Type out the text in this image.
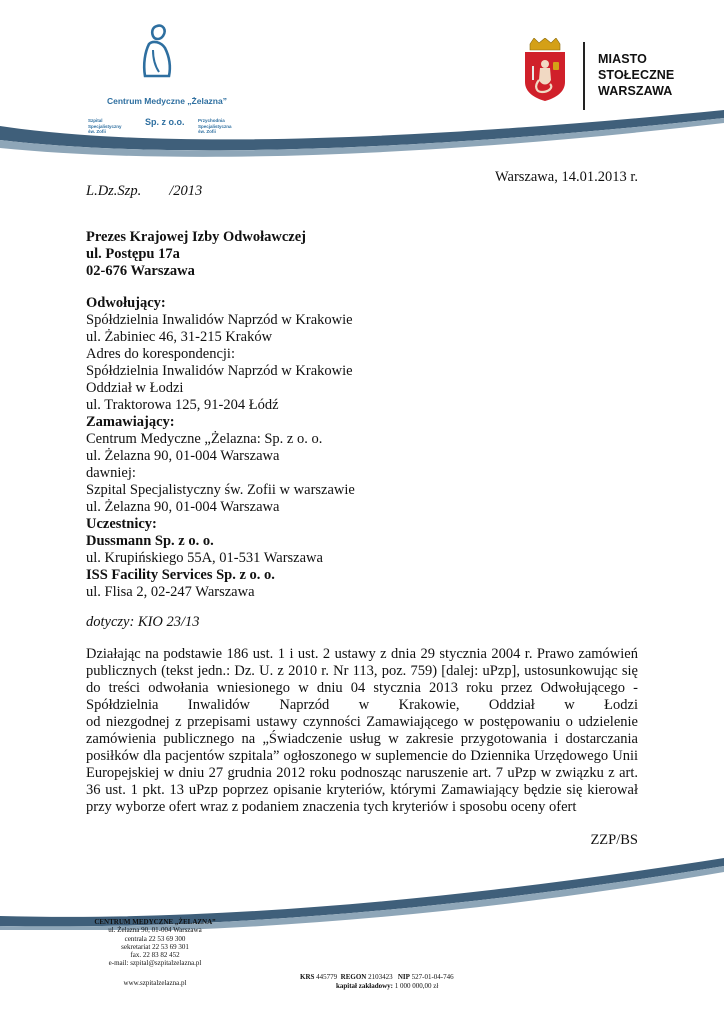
Centrum Medyczne „Żelazna”
Szpital
Specjalistyczny
św. Zofii
Sp. z o.o.	Przychodnia
Specjalistyczna
św. Zofii
MIASTO
STOŁECZNE
WARSZAWA
Warszawa, 14.01.2013 r.
L.Dz.Szp. /2013
Prezes Krajowej Izby Odwoławczej
ul. Postępu 17a
02-676 Warszawa
Odwołujący:
Spółdzielnia Inwalidów Naprzód w Krakowie
ul. Żabiniec 46, 31-215 Kraków
Adres do korespondencji:
Spółdzielnia Inwalidów Naprzód w Krakowie
Oddział w Łodzi
ul. Traktorowa 125, 91-204 Łódź
Zamawiający:
Centrum Medyczne „Żelazna: Sp. z o. o.
ul. Żelazna 90, 01-004 Warszawa
dawniej:
Szpital Specjalistyczny św. Zofii w warszawie
ul. Żelazna 90, 01-004 Warszawa
Uczestnicy:
Dussmann Sp. z o. o.
ul. Krupińskiego 55A, 01-531 Warszawa
ISS Facility Services Sp. z o. o.
ul. Flisa 2, 02-247 Warszawa
dotyczy: KIO 23/13
Działając na podstawie 186 ust. 1 i ust. 2 ustawy z dnia 29 stycznia 2004 r. Prawo zamówień
publicznych (tekst jedn.: Dz. U. z 2010 r. Nr 113, poz. 759) [dalej: uPzp], ustosunkowując się
do treści odwołania wniesionego w dniu 04 stycznia 2013 roku przez Odwołującego -
Spółdzielnia Inwalidów Naprzód w Krakowie, Oddział w Łodzi
od niezgodnej z przepisami ustawy czynności Zamawiającego w postępowaniu o udzielenie
zamówienia publicznego na „Świadczenie usług w zakresie przygotowania i dostarczania
posiłków dla pacjentów szpitala” ogłoszonego w suplemencie do Dziennika Urzędowego Unii
Europejskiej w dniu 27 grudnia 2012 roku podnosząc naruszenie art. 7 uPzp w związku z art.
36 ust. 1 pkt. 13 uPzp poprzez opisanie kryteriów, którymi Zamawiający będzie się kierował
przy wyborze ofert wraz z podaniem znaczenia tych kryteriów i sposobu oceny ofert
ZZP/BS
CENTRUM MEDYCZNE „ŻELAZNA”
ul. Żelazna 90, 01-004 Warszawa
centrala 22 53 69 300
sekretariat 22 53 69 301
fax. 22 83 82 452
e-mail: szpital@szpitalzelazna.pl
www.szpitalzelazna.pl
KRS 445779 REGON 2103423 NIP 527-01-04-746
kapitał zakładowy: 1 000 000,00 zł
